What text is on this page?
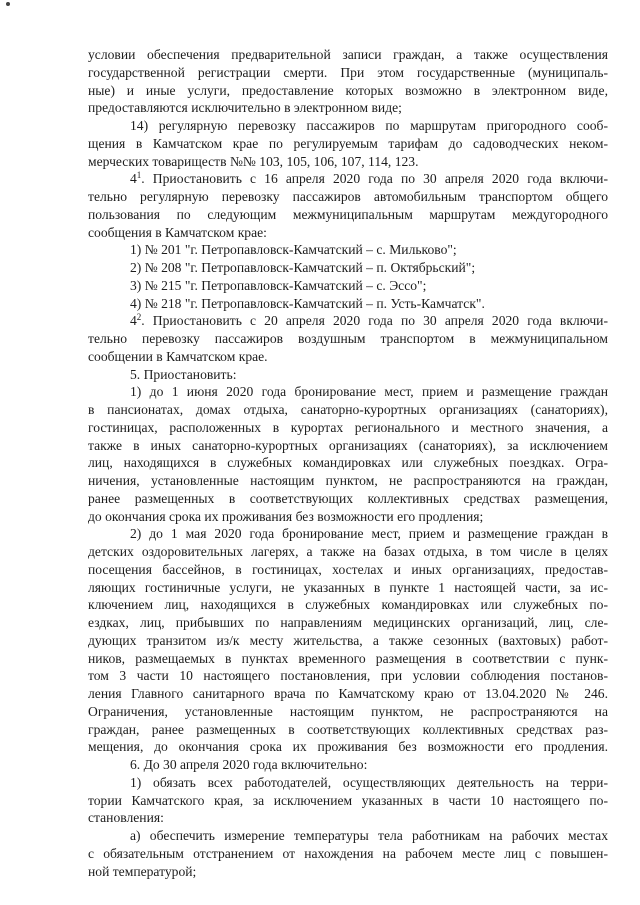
условии обеспечения предварительной записи граждан, а также осуществления
государственной регистрации смерти. При этом государственные (муниципаль-
ные) и иные услуги, предоставление которых возможно в электронном виде,
предоставляются исключительно в электронном виде;
14) регулярную перевозку пассажиров по маршрутам пригородного сооб-
щения в Камчатском крае по регулируемым тарифам до садоводческих неком-
мерческих товариществ №№ 103, 105, 106, 107, 114, 123.
$4^1$. Приостановить с 16 апреля 2020 года по 30 апреля 2020 года включи-
тельно регулярную перевозку пассажиров автомобильным транспортом общего
пользования по следующим межмуниципальным маршрутам междугородного
сообщения в Камчатском крае:
1) № 201 "г. Петропавловск-Камчатский – с. Мильково";
2) № 208 "г. Петропавловск-Камчатский – п. Октябрьский";
3) № 215 "г. Петропавловск-Камчатский – с. Эссо";
4) № 218 "г. Петропавловск-Камчатский – п. Усть-Камчатск".
$4^2$. Приостановить с 20 апреля 2020 года по 30 апреля 2020 года включи-
тельно перевозку пассажиров воздушным транспортом в межмуниципальном
сообщении в Камчатском крае.
5. Приостановить:
1) до 1 июня 2020 года бронирование мест, прием и размещение граждан
в пансионатах, домах отдыха, санаторно-курортных организациях (санаториях),
гостиницах, расположенных в курортах регионального и местного значения, а
также в иных санаторно-курортных организациях (санаториях), за исключением
лиц, находящихся в служебных командировках или служебных поездках. Огра-
ничения, установленные настоящим пунктом, не распространяются на граждан,
ранее размещенных в соответствующих коллективных средствах размещения,
до окончания срока их проживания без возможности его продления;
2) до 1 мая 2020 года бронирование мест, прием и размещение граждан в
детских оздоровительных лагерях, а также на базах отдыха, в том числе в целях
посещения бассейнов, в гостиницах, хостелах и иных организациях, предостав-
ляющих гостиничные услуги, не указанных в пункте 1 настоящей части, за ис-
ключением лиц, находящихся в служебных командировках или служебных по-
ездках, лиц, прибывших по направлениям медицинских организаций, лиц, сле-
дующих транзитом из/к месту жительства, а также сезонных (вахтовых) работ-
ников, размещаемых в пунктах временного размещения в соответствии с пунк-
том 3 части 10 настоящего постановления, при условии соблюдения постанов-
ления Главного санитарного врача по Камчатскому краю от 13.04.2020 № 246.
Ограничения, установленные настоящим пунктом, не распространяются на
граждан, ранее размещенных в соответствующих коллективных средствах раз-
мещения, до окончания срока их проживания без возможности его продления.
6. До 30 апреля 2020 года включительно:
1) обязать всех работодателей, осуществляющих деятельность на терри-
тории Камчатского края, за исключением указанных в части 10 настоящего по-
становления:
а) обеспечить измерение температуры тела работникам на рабочих местах
с обязательным отстранением от нахождения на рабочем месте лиц с повышен-
ной температурой;
